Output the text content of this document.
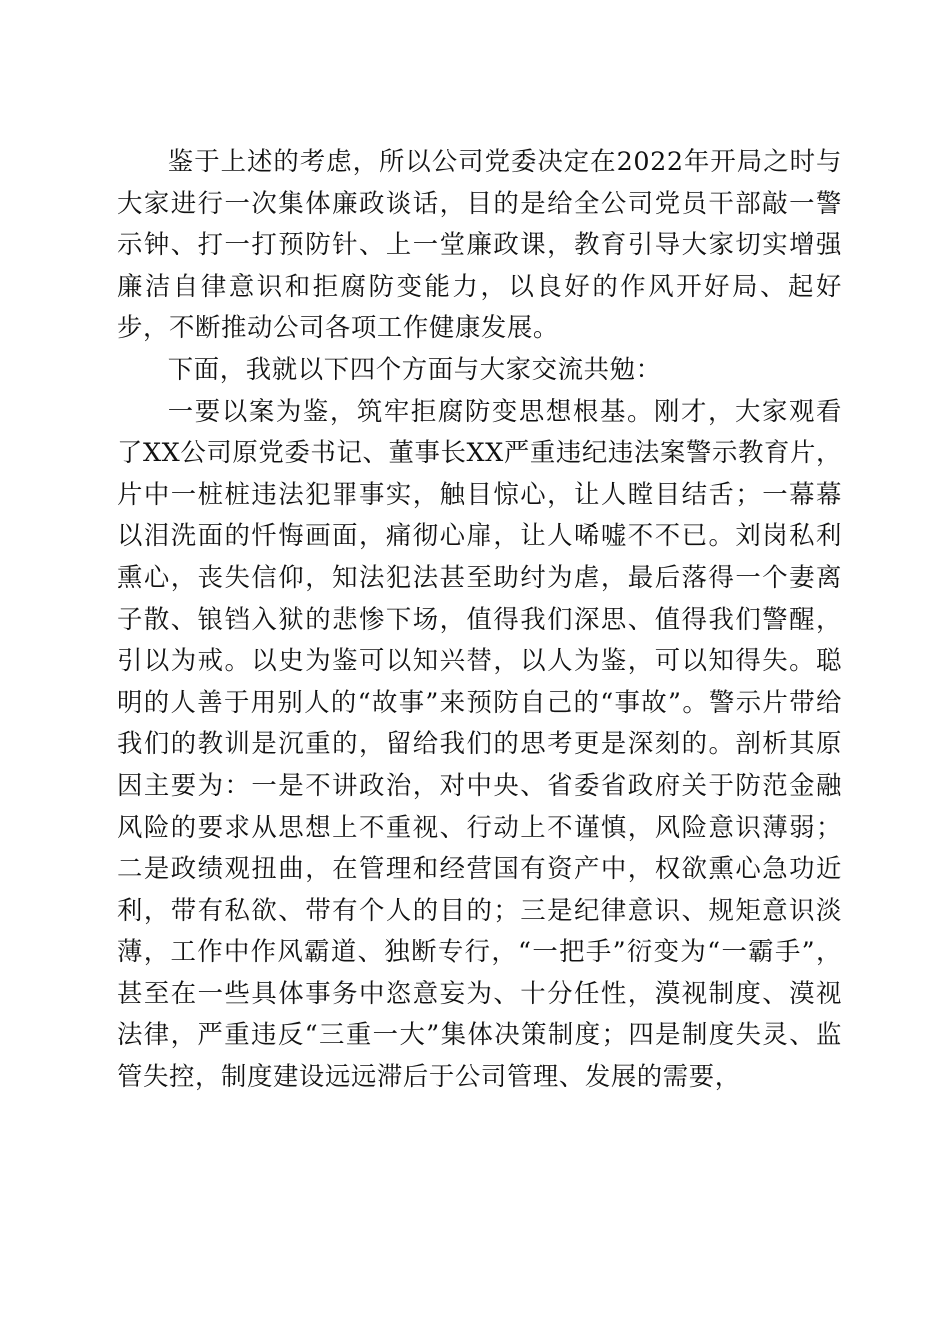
鉴于上述的考虑，所以公司党委决定在2022年开局之时与大家进行一次集体廉政谈话，目的是给全公司党员干部敲一警示钟、打一打预防针、上一堂廉政课，教育引导大家切实增强廉洁自律意识和拒腐防变能力，以良好的作风开好局、起好步，不断推动公司各项工作健康发展。

下面，我就以下四个方面与大家交流共勉：

一要以案为鉴，筑牢拒腐防变思想根基。刚才，大家观看了XX公司原党委书记、董事长XX严重违纪违法案警示教育片，片中一桩桩违法犯罪事实，触目惊心，让人瞠目结舌；一幕幕以泪洗面的忏悔画面，痛彻心扉，让人唏嘘不不已。刘岗私利熏心，丧失信仰，知法犯法甚至助纣为虐，最后落得一个妻离子散、锒铛入狱的悲惨下场，值得我们深思、值得我们警醒，引以为戒。以史为鉴可以知兴替，以人为鉴，可以知得失。聪明的人善于用别人的“故事”来预防自己的“事故”。警示片带给我们的教训是沉重的，留给我们的思考更是深刻的。剖析其原因主要为：一是不讲政治，对中央、省委省政府关于防范金融风险的要求从思想上不重视、行动上不谨慎，风险意识薄弱；二是政绩观扭曲，在管理和经营国有资产中，权欲熏心急功近利，带有私欲、带有个人的目的；三是纪律意识、规矩意识淡薄，工作中作风霸道、独断专行，“一把手”衍变为“一霸手”，甚至在一些具体事务中恣意妄为、十分任性，漠视制度、漠视法律，严重违反“三重一大”集体决策制度；四是制度失灵、监管失控，制度建设远远滞后于公司管理、发展的需要，
